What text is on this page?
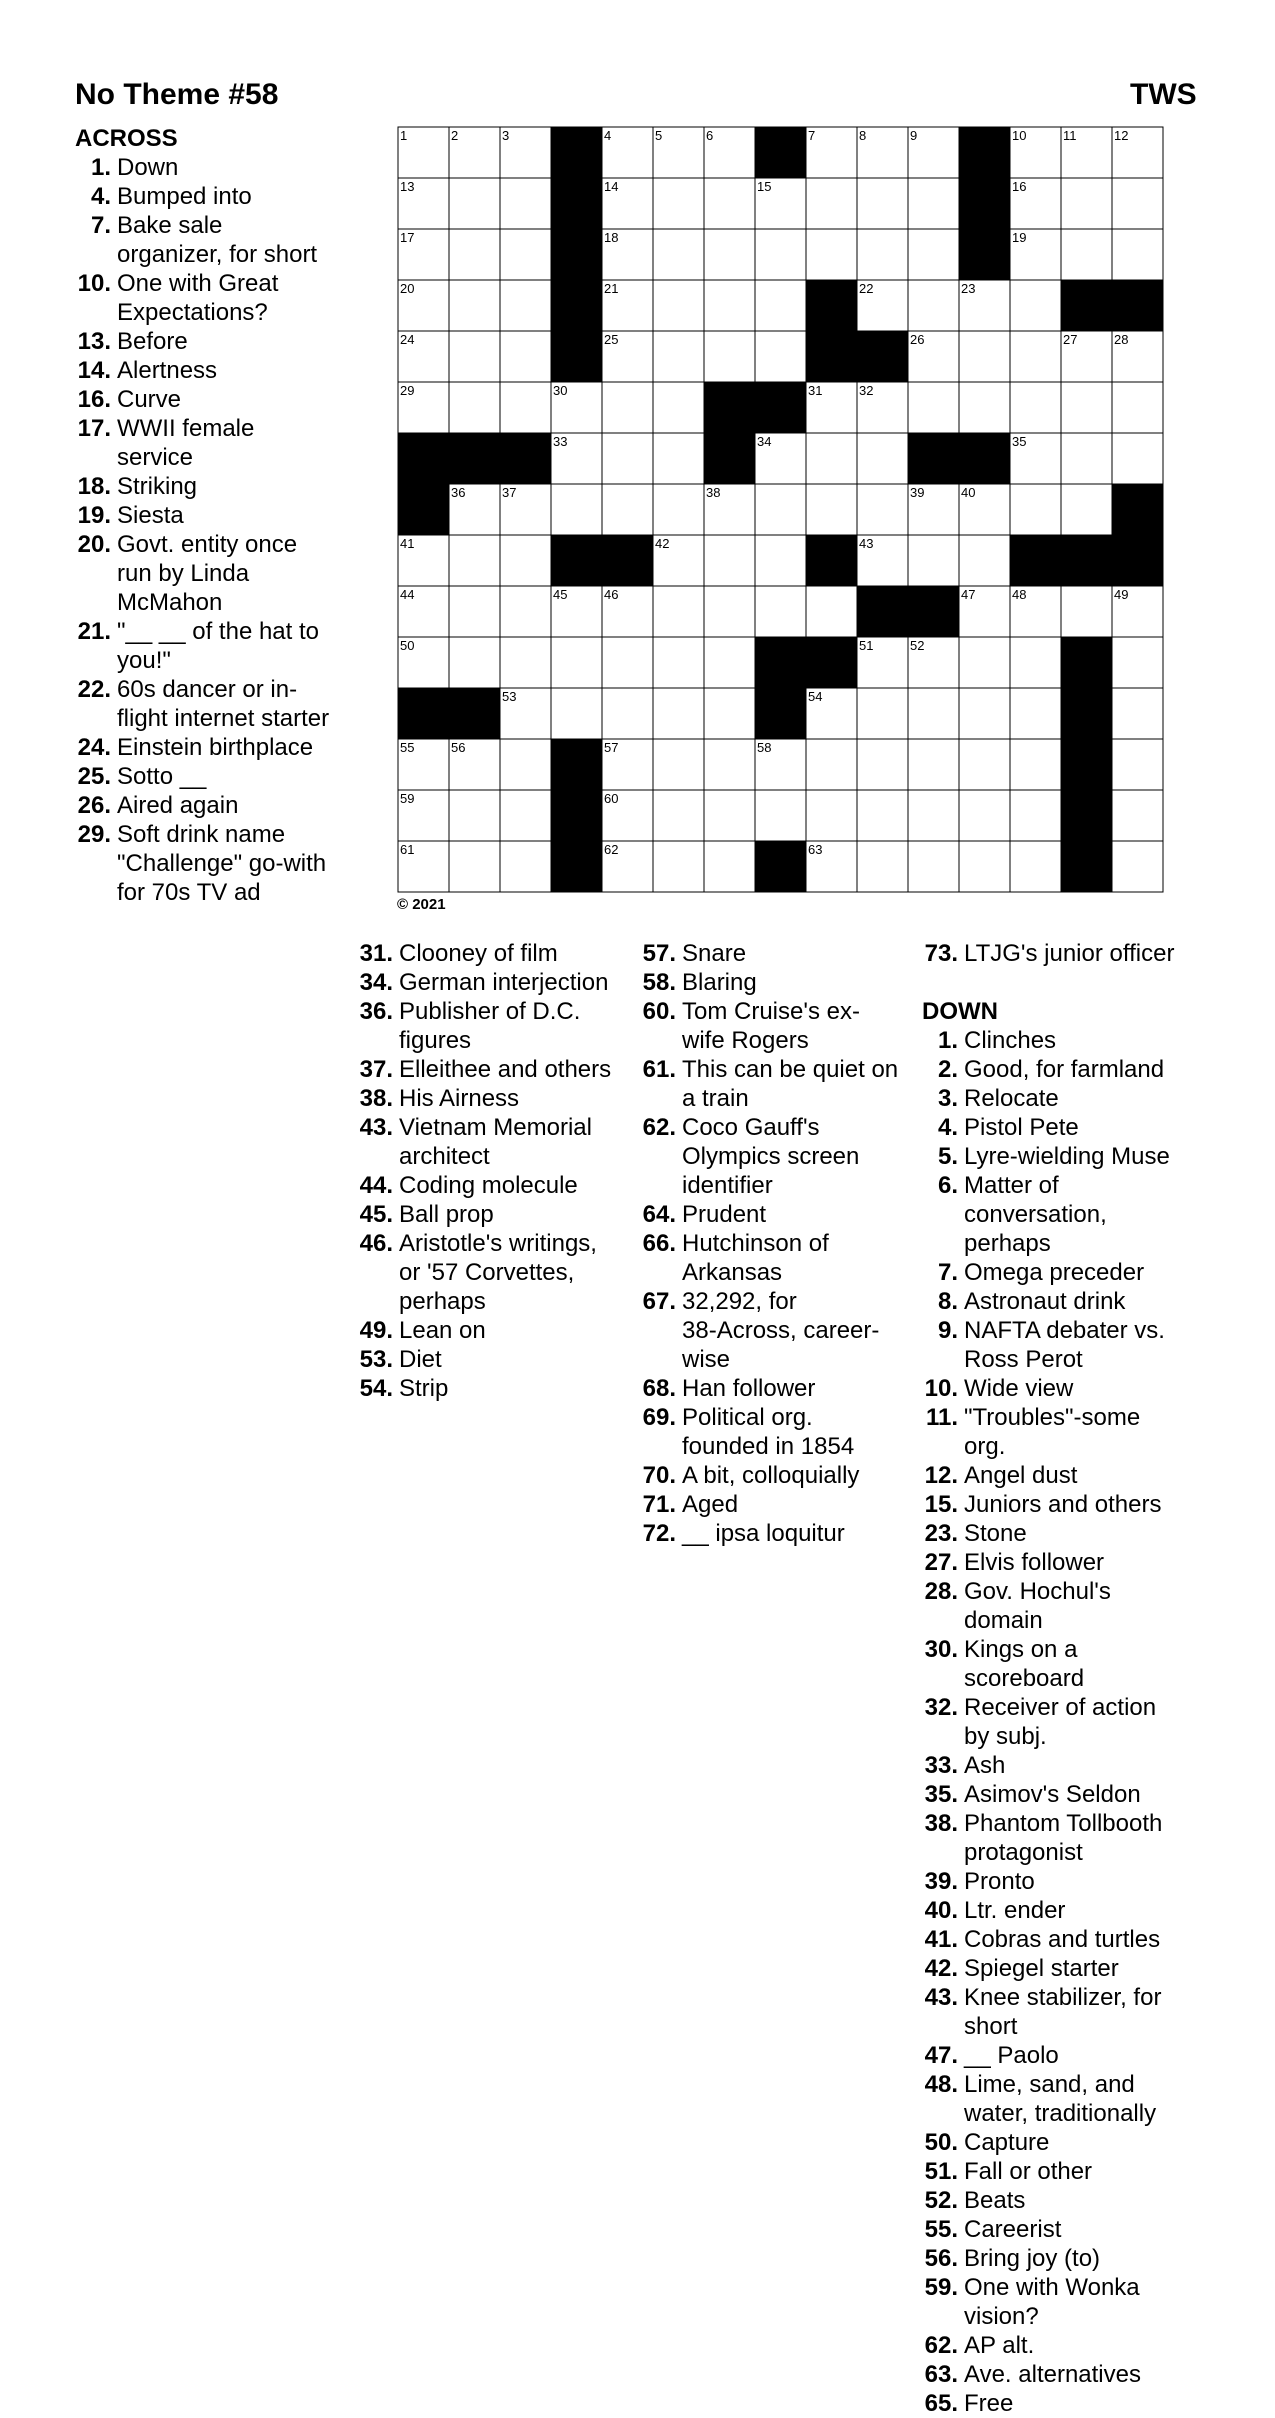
No Theme #58	TWS
1	2	3	4	5	6	7	8	9	10	11	12
13	14	15	16
17	18	19
20	21	22	23
24	25	26	27	28
29	30	31	32
33	34	35
36	37	38	39	40
41	42	43
44	45	46	47	48	49
50	51	52
53	54
55	56	57	58
59	60
61	62	63
© 2021
ACROSS
1. Down
4. Bumped into
7. Bake sale
organizer, for short
10. One with Great
Expectations?
13. Before
14. Alertness
16. Curve
17. WWII female
service
18. Striking
19. Siesta
20. Govt. entity once
run by Linda
McMahon
21. "__ __ of the hat to
you!"
22. 60s dancer or in-
flight internet starter
24. Einstein birthplace
25. Sotto __
26. Aired again
29. Soft drink name
"Challenge" go-with
for 70s TV ad
31. Clooney of film
34. German interjection
36. Publisher of D.C.
figures
37. Elleithee and others
38. His Airness
43. Vietnam Memorial
architect
44. Coding molecule
45. Ball prop
46. Aristotle's writings,
or '57 Corvettes,
perhaps
49. Lean on
53. Diet
54. Strip
57. Snare
58. Blaring
60. Tom Cruise's ex-
wife Rogers
61. This can be quiet on
a train
62. Coco Gauff's
Olympics screen
identifier
64. Prudent
66. Hutchinson of
Arkansas
67. 32,292, for
38-Across, career-
wise
68. Han follower
69. Political org.
founded in 1854
70. A bit, colloquially
71. Aged
72. __ ipsa loquitur
73. LTJG's junior officer
DOWN
1. Clinches
2. Good, for farmland
3. Relocate
4. Pistol Pete
5. Lyre-wielding Muse
6. Matter of
conversation,
perhaps
7. Omega preceder
8. Astronaut drink
9. NAFTA debater vs.
Ross Perot
10. Wide view
11. "Troubles"-some
org.
12. Angel dust
15. Juniors and others
23. Stone
27. Elvis follower
28. Gov. Hochul's
domain
30. Kings on a
scoreboard
32. Receiver of action
by subj.
33. Ash
35. Asimov's Seldon
38. Phantom Tollbooth
protagonist
39. Pronto
40. Ltr. ender
41. Cobras and turtles
42. Spiegel starter
43. Knee stabilizer, for
short
47. __ Paolo
48. Lime, sand, and
water, traditionally
50. Capture
51. Fall or other
52. Beats
55. Careerist
56. Bring joy (to)
59. One with Wonka
vision?
62. AP alt.
63. Ave. alternatives
65. Free
